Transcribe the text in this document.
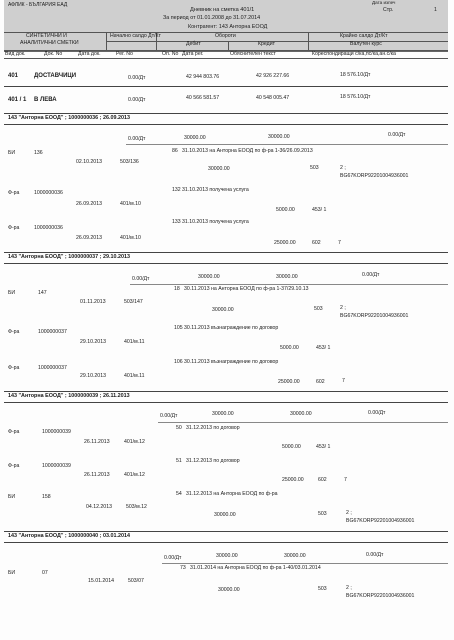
АФЛИК - БЪЛГАРИЯ ЕАД	Дата изпеч
Стр.	1
Дневник на сметка 401/1
За период от 01.01.2008 до 31.07.2014
Контрагент: 143 Анторна ЕООД
СИНТЕТИЧНИ И
АНАЛИТИЧНИ СМЕТКИ
Начално салдо Дт/Кт	Обороти
Дебит	Кредит
Крайно салдо Дт/Кт
Валутен курс
Вид док.	Док. No	Дата док.	Рег. No	Оп. No Дата рег.	Обяснителен текст	Кореспондиращи с/ка,пс/ка,ан.с/ка
401	ДОСТАВЧИЦИ	0.00/Дт	42 944 803.76	42 926 227.66	18 576.10/Дт
401 / 1 В ЛЕВА	0.00/Дт	40 566 581.57	40 548 005.47	18 576.10/Дт
143 "Анторна ЕООД" ; 1000000036 ; 26.09.2013
0.00/Дт	30000.00	30000.00	0.00/Дт
БИ	136	86 31.10.2013 на Анторна ЕООД по ф-ра 1-36/26.09.2013
02.10.2013	503/136
30000.00	503	2 ;
BG67KORP92201004936001
Ф-ра	1000000036	132 31.10.2013 получена услуга
26.09.2013	401/м.10
5000.00	453/ 1
Ф-ра	1000000036
133 31.10.2013 получена услуга
26.09.2013	401/м.10
25000.00	602	7
143 "Анторна ЕООД" ; 1000000037 ; 29.10.2013
0.00/Дт	30000.00	30000.00	0.00/Дт
БИ	147
18 30.11.2013 на Анторна ЕООД по ф-ра 1-37/29.10.13
01.11.2013	503/147
30000.00	503	2 ;
BG67KORP92201004936001
Ф-ра	1000000037
105 30.11.2013 възнаграждение по договор
29.10.2013	401/м.11
5000.00	453/ 1
Ф-ра	1000000037
106 30.11.2013 възнаграждение по договор
29.10.2013	401/м.11
25000.00	602	7
143 "Анторна ЕООД" ; 1000000039 ; 26.11.2013
0.00/Дт	30000.00	30000.00	0.00/Дт
Ф-ра	1000000039
50 31.12.2013 по договор
26.11.2013	401/м.12
5000.00	453/ 1
Ф-ра	1000000039
51 31.12.2013 по договор
26.11.2013	401/м.12
25000.00	602	7
БИ	158	54 31.12.2013 на Анторна ЕООД по ф-ра
04.12.2013	503/м.12
30000.00	503	2 ;
BG67KORP92201004936001
143 "Анторна ЕООД" ; 1000000040 ; 03.01.2014
0.00/Дт	30000.00	30000.00	0.00/Дт
БИ	07
73 31.01.2014 на Анторна ЕООД по ф-ра 1-40/03.01.2014
15.01.2014	503/07
30000.00	503	2 ;
BG67KORP92201004936001
